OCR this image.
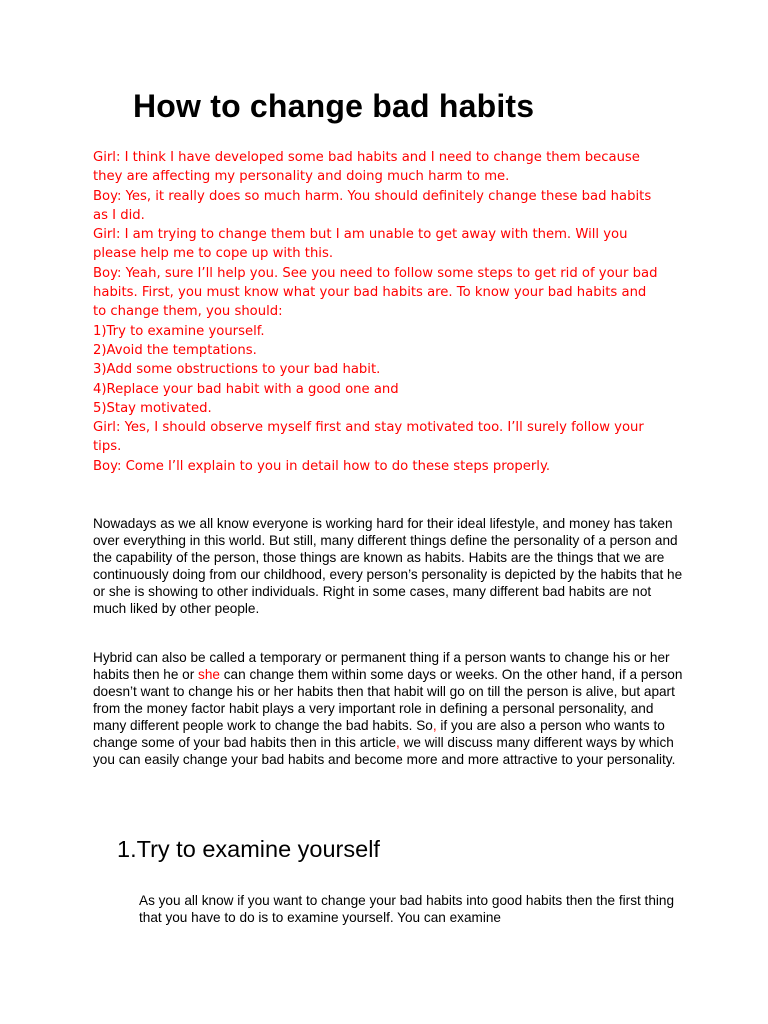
How to change bad habits
Girl: I think I have developed some bad habits and I need to change them because
they are affecting my personality and doing much harm to me.
Boy: Yes, it really does so much harm. You should definitely change these bad habits
as I did.
Girl: I am trying to change them but I am unable to get away with them. Will you
please help me to cope up with this.
Boy: Yeah, sure I’ll help you. See you need to follow some steps to get rid of your bad
habits. First, you must know what your bad habits are. To know your bad habits and
to change them, you should:
1)Try to examine yourself.
2)Avoid the temptations.
3)Add some obstructions to your bad habit.
4)Replace your bad habit with a good one and
5)Stay motivated.
Girl: Yes, I should observe myself first and stay motivated too. I’ll surely follow your
tips.
Boy: Come I’ll explain to you in detail how to do these steps properly.

Nowadays as we all know everyone is working hard for their ideal lifestyle, and money has taken over everything in this world. But still, many different things define the personality of a person and the capability of the person, those things are known as habits. Habits are the things that we are continuously doing from our childhood, every person’s personality is depicted by the habits that he or she is showing to other individuals. Right in some cases, many different bad habits are not much liked by other people.

Hybrid can also be called a temporary or permanent thing if a person wants to change his or her habits then he or she can change them within some days or weeks. On the other hand, if a person doesn’t want to change his or her habits then that habit will go on till the person is alive, but apart from the money factor habit plays a very important role in defining a personal personality, and many different people work to change the bad habits. So, if you are also a person who wants to change some of your bad habits then in this article, we will discuss many different ways by which you can easily change your bad habits and become more and more attractive to your personality.

1.Try to examine yourself

As you all know if you want to change your bad habits into good habits then the first thing that you have to do is to examine yourself. You can examine
